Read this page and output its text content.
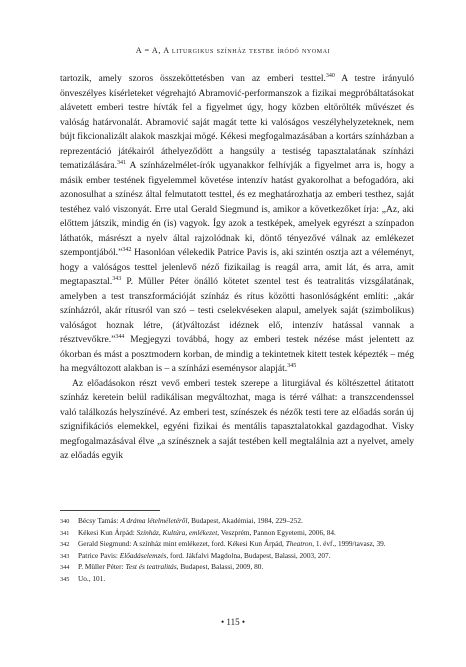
A = A, A liturgikus színház testbe íródó nyomai

tartozik, amely szoros összeköttetésben van az emberi testtel.$^{340}$ A testre irányuló önveszélyes kísérleteket végrehajtó Abramović-performanszok a fizikai megpróbáltatásokat alávetett emberi testre hívták fel a figyelmet úgy, hogy közben eltörölték művészet és valóság határvonalát. Abramović saját magát tette ki valóságos veszélyhelyzeteknek, nem bújt fikcionalizált alakok maszkjai mögé. Kékesi megfogalmazásában a kortárs színházban a reprezentáció játékairól áthelyeződött a hangsúly a testiség tapasztalatának színházi tematizálására.$^{341}$ A színházelmélet-írók ugyanakkor felhívják a figyelmet arra is, hogy a másik ember testének figyelemmel követése intenzív hatást gyakorolhat a befogadóra, aki azonosulhat a színész által felmutatott testtel, és ez meghatározhatja az emberi testhez, saját testéhez való viszonyát. Erre utal Gerald Siegmund is, amikor a következőket írja: „Az, aki előttem játszik, mindig én (is) vagyok. Így azok a testképek, amelyek egyrészt a színpadon láthatók, másrészt a nyelv által rajzolódnak ki, döntő tényezővé válnak az emlékezet szempontjából.”$^{342}$ Hasonlóan vélekedik Patrice Pavis is, aki szintén osztja azt a véleményt, hogy a valóságos testtel jelenlevő néző fizikailag is reagál arra, amit lát, és arra, amit megtapasztal.$^{343}$ P. Müller Péter önálló kötetet szentel test és teatralitás vizsgálatának, amelyben a test transzformációját színház és rítus közötti hasonlóságként említi: „akár színházról, akár rítusról van szó – testi cselekvéseken alapul, amelyek saját (szimbolikus) valóságot hoznak létre, (át)változást idéznek elő, intenzív hatással vannak a résztvevőkre.”$^{344}$ Megjegyzi továbbá, hogy az emberi testek nézése mást jelentett az ókorban és mást a posztmodern korban, de mindig a tekintetnek kitett testek képezték – még ha megváltozott alakban is – a színházi eseménysor alapját.$^{345}$

Az előadásokon részt vevő emberi testek szerepe a liturgiával és költészettel átitatott színház keretein belül radikálisan megváltozhat, maga is térré válhat: a transzcendenssel való találkozás helyszínévé. Az emberi test, színészek és nézők testi tere az előadás során új szignifikációs elemekkel, egyéni fizikai és mentális tapasztalatokkal gazdagodhat. Visky megfogalmazásával élve „a színésznek a saját testében kell megtalálnia azt a nyelvet, amely az előadás egyik

340 Bécsy Tamás: A dráma lételméletéről, Budapest, Akadémiai, 1984, 229–252.
341 Kékesi Kun Árpád: Színház, Kultúra, emlékezet, Veszprém, Pannon Egyetemi, 2006, 84.
342 Gerald Siegmund: A színház mint emlékezet, ford. Kékesi Kun Árpád, Theatron, 1. évf., 1999/tavasz, 39.
343 Patrice Pavis: Előadáselemzés, ford. Jákfalvi Magdolna, Budapest, Balassi, 2003, 207.
344 P. Müller Péter: Test és teatralitás, Budapest, Balassi, 2009, 80.
345 Uo., 101.
• 115 •
